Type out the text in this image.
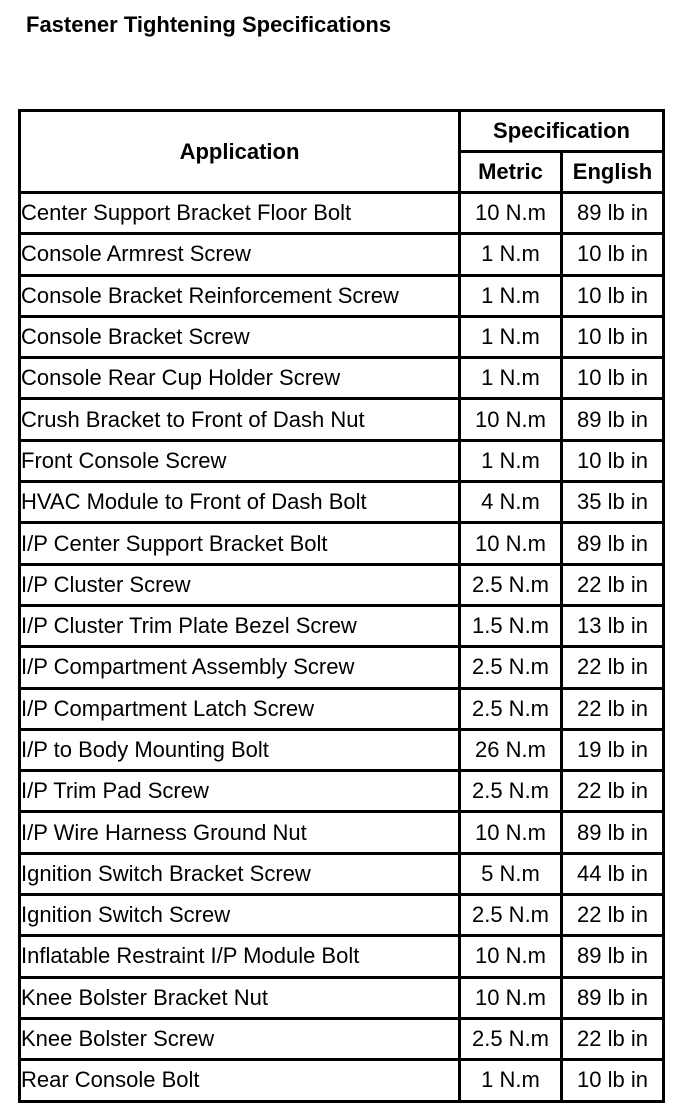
Fastener Tightening Specifications
Application	Specification	
	Metric	English
Center Support Bracket Floor Bolt	10 N.m	89 lb in
Console Armrest Screw	1 N.m	10 lb in
Console Bracket Reinforcement Screw	1 N.m	10 lb in
Console Bracket Screw	1 N.m	10 lb in
Console Rear Cup Holder Screw	1 N.m	10 lb in
Crush Bracket to Front of Dash Nut	10 N.m	89 lb in
Front Console Screw	1 N.m	10 lb in
HVAC Module to Front of Dash Bolt	4 N.m	35 lb in
I/P Center Support Bracket Bolt	10 N.m	89 lb in
I/P Cluster Screw	2.5 N.m	22 lb in
I/P Cluster Trim Plate Bezel Screw	1.5 N.m	13 lb in
I/P Compartment Assembly Screw	2.5 N.m	22 lb in
I/P Compartment Latch Screw	2.5 N.m	22 lb in
I/P to Body Mounting Bolt	26 N.m	19 lb in
I/P Trim Pad Screw	2.5 N.m	22 lb in
I/P Wire Harness Ground Nut	10 N.m	89 lb in
Ignition Switch Bracket Screw	5 N.m	44 lb in
Ignition Switch Screw	2.5 N.m	22 lb in
Inflatable Restraint I/P Module Bolt	10 N.m	89 lb in
Knee Bolster Bracket Nut	10 N.m	89 lb in
Knee Bolster Screw	2.5 N.m	22 lb in
Rear Console Bolt	1 N.m	10 lb in
